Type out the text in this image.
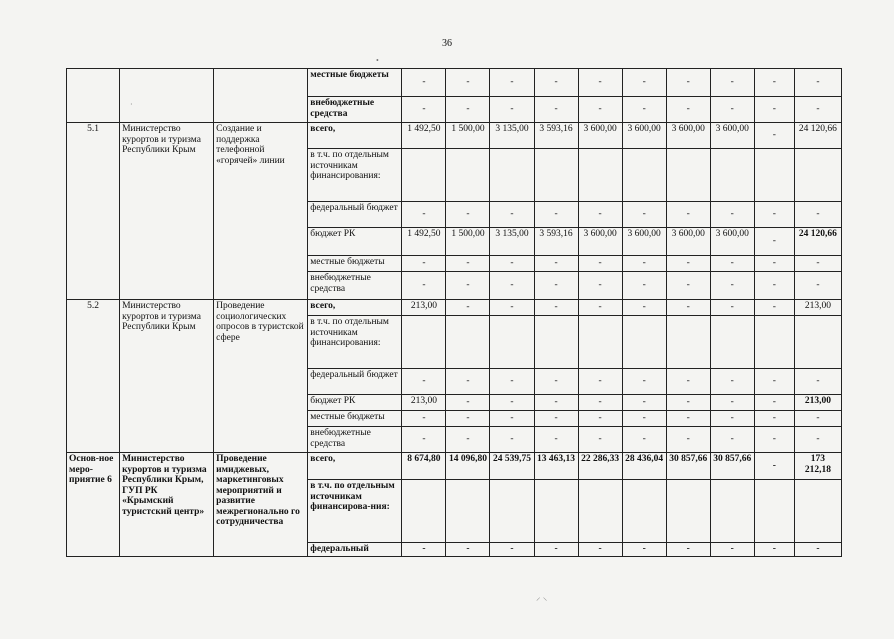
36
•
·
			местные бюджеты	-	-	-	-	-	-	-	-	-	-
			внебюджетные средства	-	-	-	-	-	-	-	-	-	-
5.1	Министерство курортов и туризма Республики Крым	Создание и поддержка телефонной «горячей» линии	всего,	1 492,50	1 500,00	3 135,00	3 593,16	3 600,00	3 600,00	3 600,00	3 600,00	-	24 120,66
			в т.ч. по отдельным источникам финансирования:										
			федеральный бюджет	-	-	-	-	-	-	-	-	-	-
			бюджет РК	1 492,50	1 500,00	3 135,00	3 593,16	3 600,00	3 600,00	3 600,00	3 600,00	-	24 120,66
			местные бюджеты	-	-	-	-	-	-	-	-	-	-
			внебюджетные средства	-	-	-	-	-	-	-	-	-	-
5.2	Министерство курортов и туризма Республики Крым	Проведение социологических опросов в туристской сфере	всего,	213,00	-	-	-	-	-	-	-	-	213,00
			в т.ч. по отдельным источникам финансирования:										
			федеральный бюджет	-	-	-	-	-	-	-	-	-	-
			бюджет РК	213,00	-	-	-	-	-	-	-	-	213,00
			местные бюджеты	-	-	-	-	-	-	-	-	-	-
			внебюджетные средства	-	-	-	-	-	-	-	-	-	-
Основ-ное меро-приятие 6	Министерство курортов и туризма Республики Крым, ГУП РК «Крымский туристский центр»	Проведение имиджевых, маркетинговых мероприятий и развитие межрегионально го сотрудничества	всего,	8 674,80	14 096,80	24 539,75	13 463,13	22 286,33	28 436,04	30 857,66	30 857,66	-	173 212,18
			в т.ч. по отдельным источникам финансирова-ния:										
			федеральный	-	-	-	-	-	-	-	-	-	-
⸝ ⸜
